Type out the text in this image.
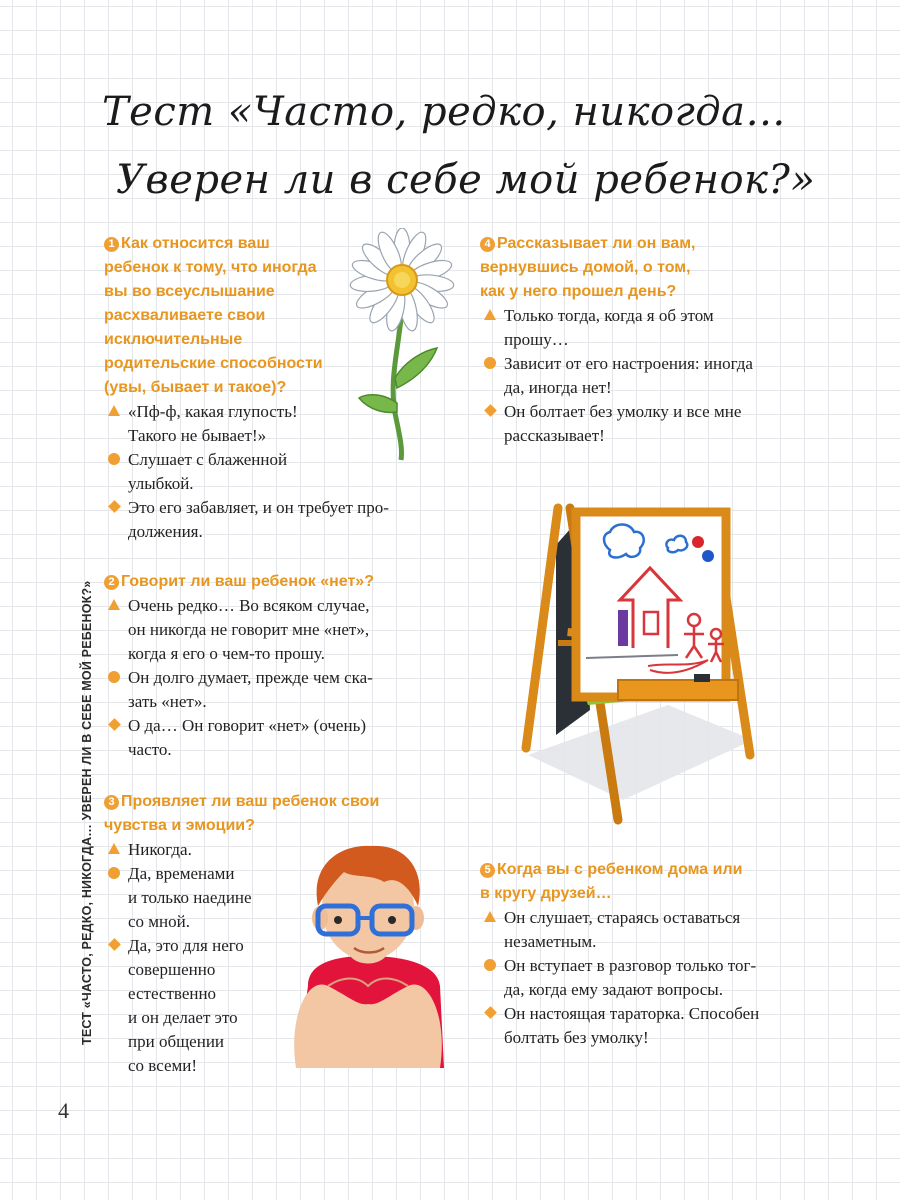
Тест «Часто, редко, никогда…
Уверен ли в себе мой ребенок?»
ТЕСТ «ЧАСТО, РЕДКО, НИКОГДА… УВЕРЕН ЛИ В СЕБЕ МОЙ РЕБЕНОК?»
4
1 Как относится ваш
ребенок к тому, что иногда
вы во всеуслышание
расхваливаете свои
исключительные
родительские способности
(увы, бывает и такое)?
«Пф-ф, какая глупость!
Такого не бывает!»
Слушает с блаженной
улыбкой.
Это его забавляет, и он требует про-
должения.
2 Говорит ли ваш ребенок «нет»?
Очень редко… Во всяком случае,
он никогда не говорит мне «нет»,
когда я его о чем-то прошу.
Он долго думает, прежде чем ска-
зать «нет».
О да… Он говорит «нет» (очень)
часто.
3 Проявляет ли ваш ребенок свои
чувства и эмоции?
Никогда.
Да, временами
и только наедине
со мной.
Да, это для него
совершенно
естественно
и он делает это
при общении
со всеми!
4 Рассказывает ли он вам,
вернувшись домой, о том,
как у него прошел день?
Только тогда, когда я об этом
прошу…
Зависит от его настроения: иногда
да, иногда нет!
Он болтает без умолку и все мне
рассказывает!
5 Когда вы с ребенком дома или
в кругу друзей…
Он слушает, стараясь оставаться
незаметным.
Он вступает в разговор только тог-
да, когда ему задают вопросы.
Он настоящая тараторка. Способен
болтать без умолку!
